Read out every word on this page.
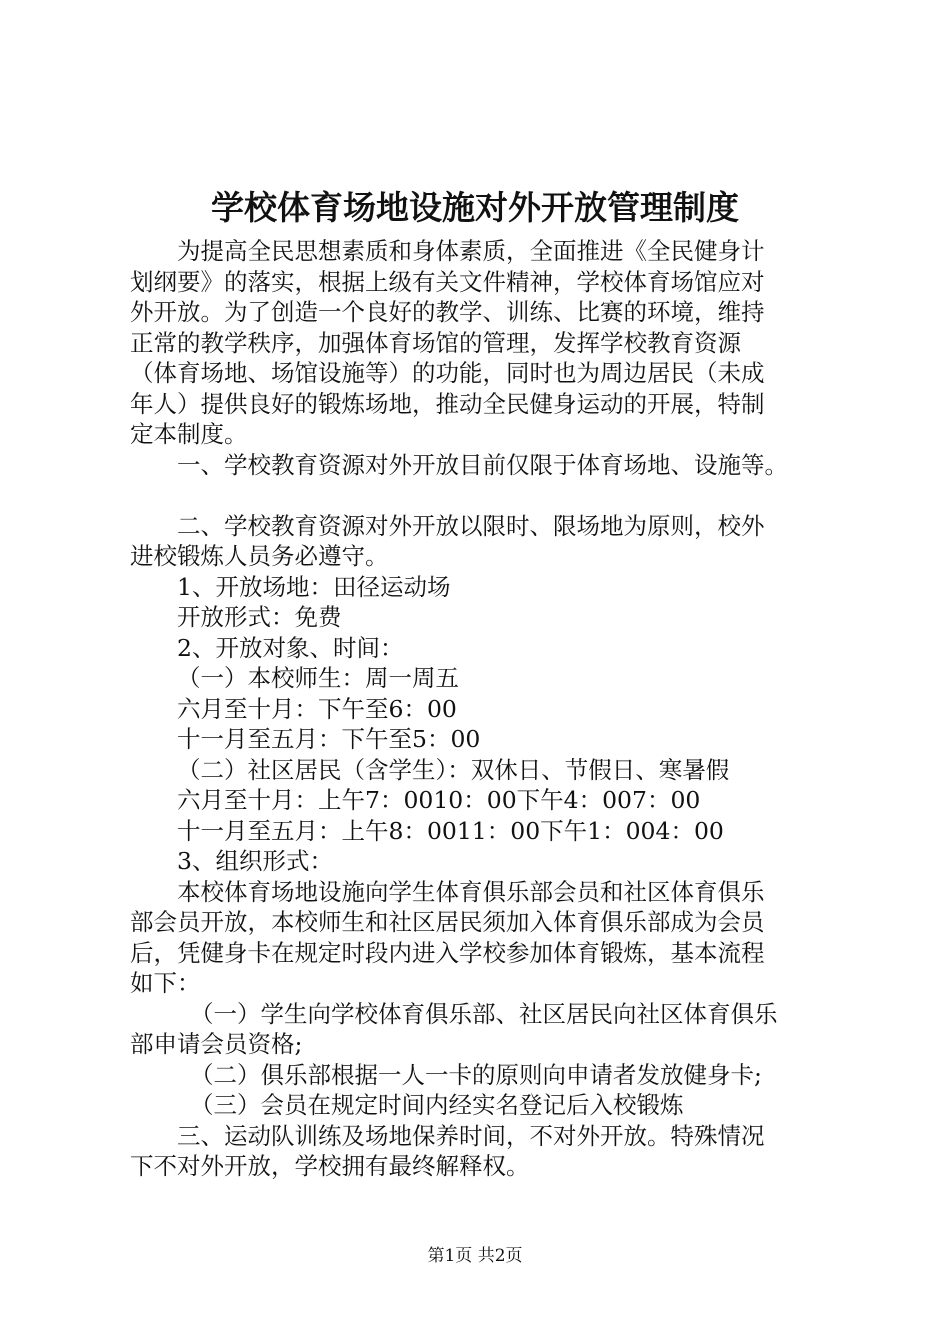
学校体育场地设施对外开放管理制度
为提高全民思想素质和身体素质，全面推进《全民健身计
划纲要》的落实，根据上级有关文件精神，学校体育场馆应对
外开放。为了创造一个良好的教学、训练、比赛的环境，维持
正常的教学秩序，加强体育场馆的管理，发挥学校教育资源
（体育场地、场馆设施等）的功能，同时也为周边居民（未成
年人）提供良好的锻炼场地，推动全民健身运动的开展，特制
定本制度。
一、学校教育资源对外开放目前仅限于体育场地、设施等。
二、学校教育资源对外开放以限时、限场地为原则，校外
进校锻炼人员务必遵守。
1、开放场地：田径运动场
开放形式：免费
2、开放对象、时间：
（一）本校师生：周一周五
六月至十月：下午至6：00
十一月至五月：下午至5：00
（二）社区居民（含学生）：双休日、节假日、寒暑假
六月至十月：上午7：0010：00下午4：007：00
十一月至五月：上午8：0011：00下午1：004：00
3、组织形式：
本校体育场地设施向学生体育俱乐部会员和社区体育俱乐
部会员开放，本校师生和社区居民须加入体育俱乐部成为会员
后，凭健身卡在规定时段内进入学校参加体育锻炼，基本流程
如下：
（一）学生向学校体育俱乐部、社区居民向社区体育俱乐
部申请会员资格;
（二）俱乐部根据一人一卡的原则向申请者发放健身卡;
（三）会员在规定时间内经实名登记后入校锻炼
三、运动队训练及场地保养时间，不对外开放。特殊情况
下不对外开放，学校拥有最终解释权。
第1页 共2页
